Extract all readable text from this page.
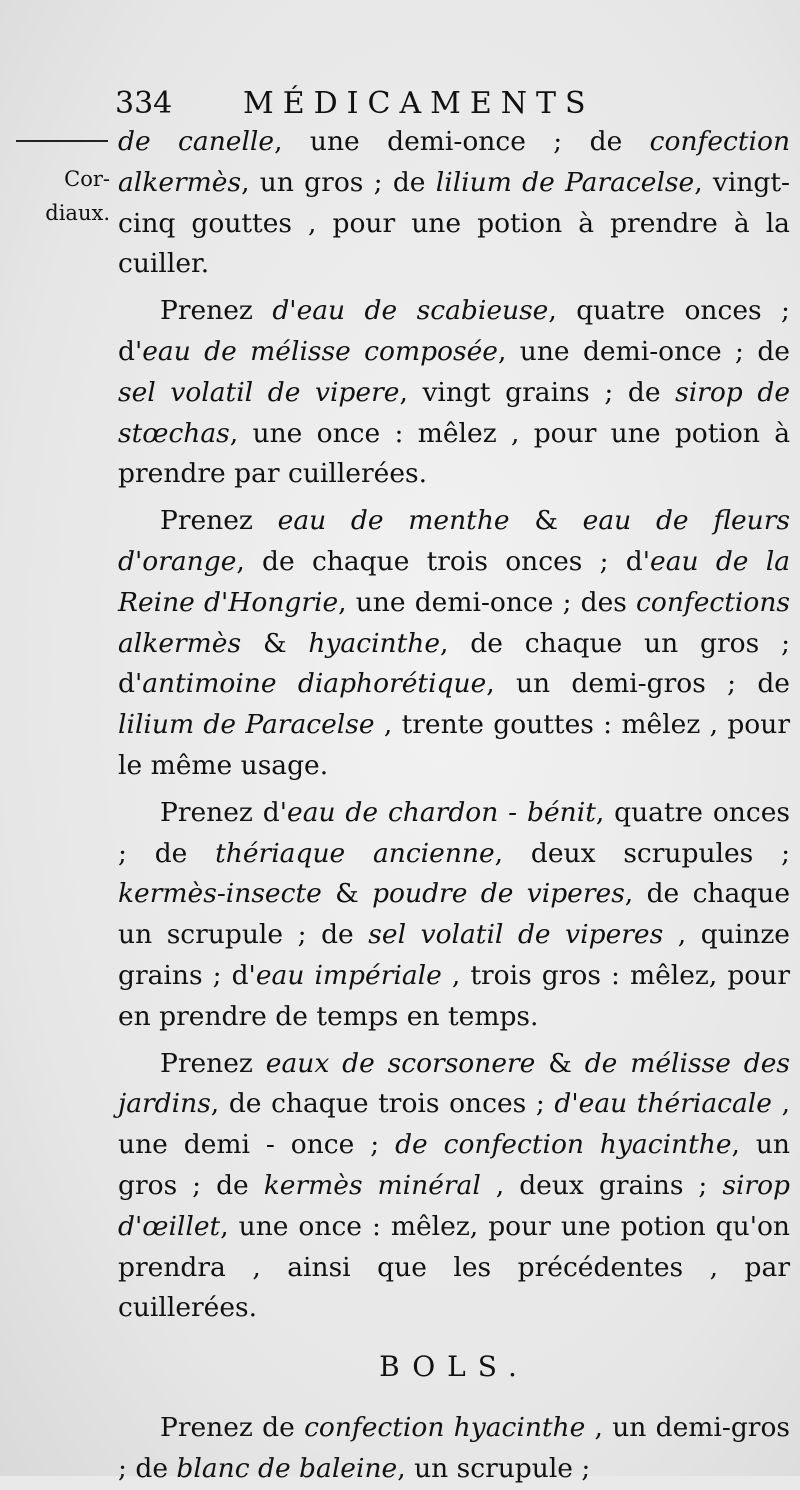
334 MÉDICAMENTS
Cor-
diaux.

de canelle, une demi-once ; de confection alkermès, un gros ; de lilium de Paracelse, vingt-cinq gouttes , pour une potion à prendre à la cuiller.

Prenez d'eau de scabieuse, quatre onces ; d'eau de mélisse composée, une demi-once ; de sel volatil de vipere, vingt grains ; de sirop de stœchas, une once : mêlez , pour une potion à prendre par cuillerées.

Prenez eau de menthe & eau de fleurs d'orange, de chaque trois onces ; d'eau de la Reine d'Hongrie, une demi-once ; des confections alkermès & hyacinthe, de chaque un gros ; d'antimoine diaphorétique, un demi-gros ; de lilium de Paracelse , trente gouttes : mêlez , pour le même usage.

Prenez d'eau de chardon - bénit, quatre onces ; de thériaque ancienne, deux scrupules ; kermès-insecte & poudre de viperes, de chaque un scrupule ; de sel volatil de viperes , quinze grains ; d'eau impériale , trois gros : mêlez, pour en prendre de temps en temps.

Prenez eaux de scorsonere & de mélisse des jardins, de chaque trois onces ; d'eau thériacale , une demi - once ; de confection hyacinthe, un gros ; de kermès minéral , deux grains ; sirop d'œillet, une once : mêlez, pour une potion qu'on prendra , ainsi que les précédentes , par cuillerées.

BOLS.

Prenez de confection hyacinthe , un demi-gros ; de blanc de baleine, un scrupule ;
